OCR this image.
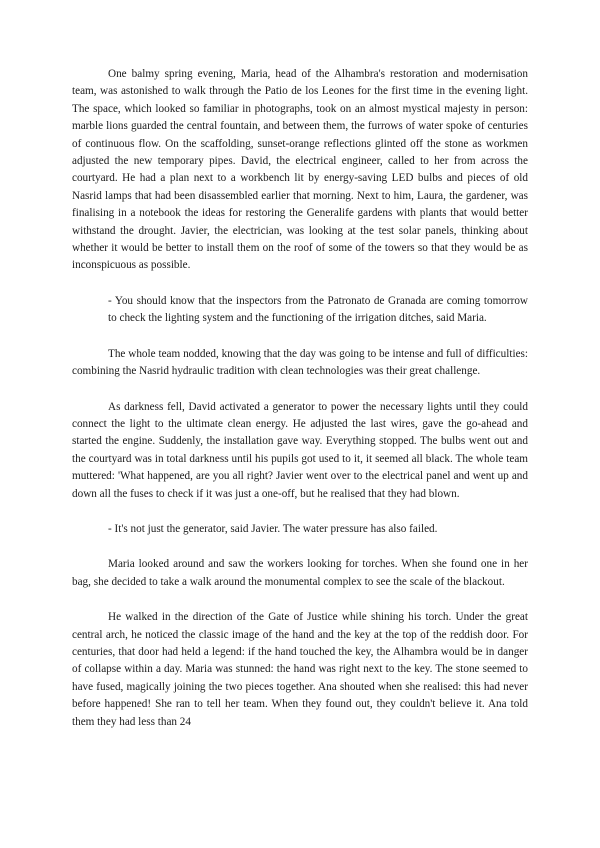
One balmy spring evening, Maria, head of the Alhambra's restoration and modernisation team, was astonished to walk through the Patio de los Leones for the first time in the evening light. The space, which looked so familiar in photographs, took on an almost mystical majesty in person: marble lions guarded the central fountain, and between them, the furrows of water spoke of centuries of continuous flow. On the scaffolding, sunset-orange reflections glinted off the stone as workmen adjusted the new temporary pipes. David, the electrical engineer, called to her from across the courtyard. He had a plan next to a workbench lit by energy-saving LED bulbs and pieces of old Nasrid lamps that had been disassembled earlier that morning. Next to him, Laura, the gardener, was finalising in a notebook the ideas for restoring the Generalife gardens with plants that would better withstand the drought. Javier, the electrician, was looking at the test solar panels, thinking about whether it would be better to install them on the roof of some of the towers so that they would be as inconspicuous as possible.

- You should know that the inspectors from the Patronato de Granada are coming tomorrow to check the lighting system and the functioning of the irrigation ditches, said Maria.

The whole team nodded, knowing that the day was going to be intense and full of difficulties: combining the Nasrid hydraulic tradition with clean technologies was their great challenge.

As darkness fell, David activated a generator to power the necessary lights until they could connect the light to the ultimate clean energy. He adjusted the last wires, gave the go-ahead and started the engine. Suddenly, the installation gave way. Everything stopped. The bulbs went out and the courtyard was in total darkness until his pupils got used to it, it seemed all black. The whole team muttered: 'What happened, are you all right? Javier went over to the electrical panel and went up and down all the fuses to check if it was just a one-off, but he realised that they had blown.

- It's not just the generator, said Javier. The water pressure has also failed.

Maria looked around and saw the workers looking for torches. When she found one in her bag, she decided to take a walk around the monumental complex to see the scale of the blackout.

He walked in the direction of the Gate of Justice while shining his torch. Under the great central arch, he noticed the classic image of the hand and the key at the top of the reddish door. For centuries, that door had held a legend: if the hand touched the key, the Alhambra would be in danger of collapse within a day. Maria was stunned: the hand was right next to the key. The stone seemed to have fused, magically joining the two pieces together. Ana shouted when she realised: this had never before happened! She ran to tell her team. When they found out, they couldn't believe it. Ana told them they had less than 24
